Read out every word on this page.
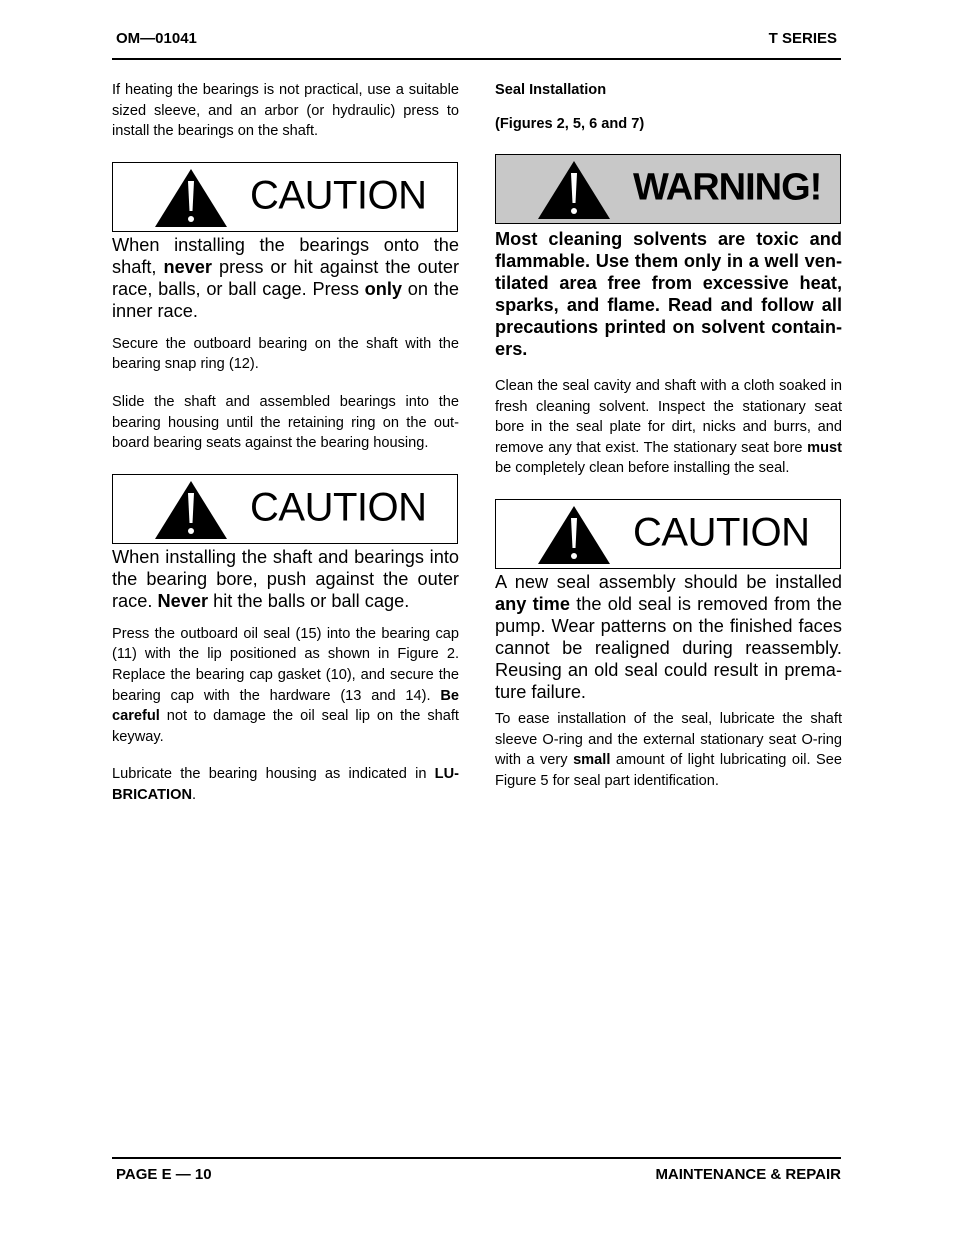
OM—01041	T SERIES

If heating the bearings is not practical, use a suitable sized sleeve, and an arbor (or hydraulic) press to install the bearings on the shaft.

CAUTION

When installing the bearings onto the shaft, never press or hit against the outer race, balls, or ball cage. Press only on the inner race.

Secure the outboard bearing on the shaft with the bearing snap ring (12).

Slide the shaft and assembled bearings into the bearing housing until the retaining ring on the outboard bearing seats against the bearing housing.

CAUTION

When installing the shaft and bearings into the bearing bore, push against the outer race. Never hit the balls or ball cage.

Press the outboard oil seal (15) into the bearing cap (11) with the lip positioned as shown in Figure 2. Replace the bearing cap gasket (10), and secure the bearing cap with the hardware (13 and 14). Be careful not to damage the oil seal lip on the shaft keyway.

Lubricate the bearing housing as indicated in LUBRICATION.

Seal Installation

(Figures 2, 5, 6 and 7)

WARNING!

Most cleaning solvents are toxic and flammable. Use them only in a well ventilated area free from excessive heat, sparks, and flame. Read and follow all precautions printed on solvent containers.

Clean the seal cavity and shaft with a cloth soaked in fresh cleaning solvent. Inspect the stationary seat bore in the seal plate for dirt, nicks and burrs, and remove any that exist. The stationary seat bore must be completely clean before installing the seal.

CAUTION

A new seal assembly should be installed any time the old seal is removed from the pump. Wear patterns on the finished faces cannot be realigned during reassembly. Reusing an old seal could result in premature failure.

To ease installation of the seal, lubricate the shaft sleeve O-ring and the external stationary seat O-ring with a very small amount of light lubricating oil. See Figure 5 for seal part identification.

PAGE E — 10	MAINTENANCE & REPAIR
